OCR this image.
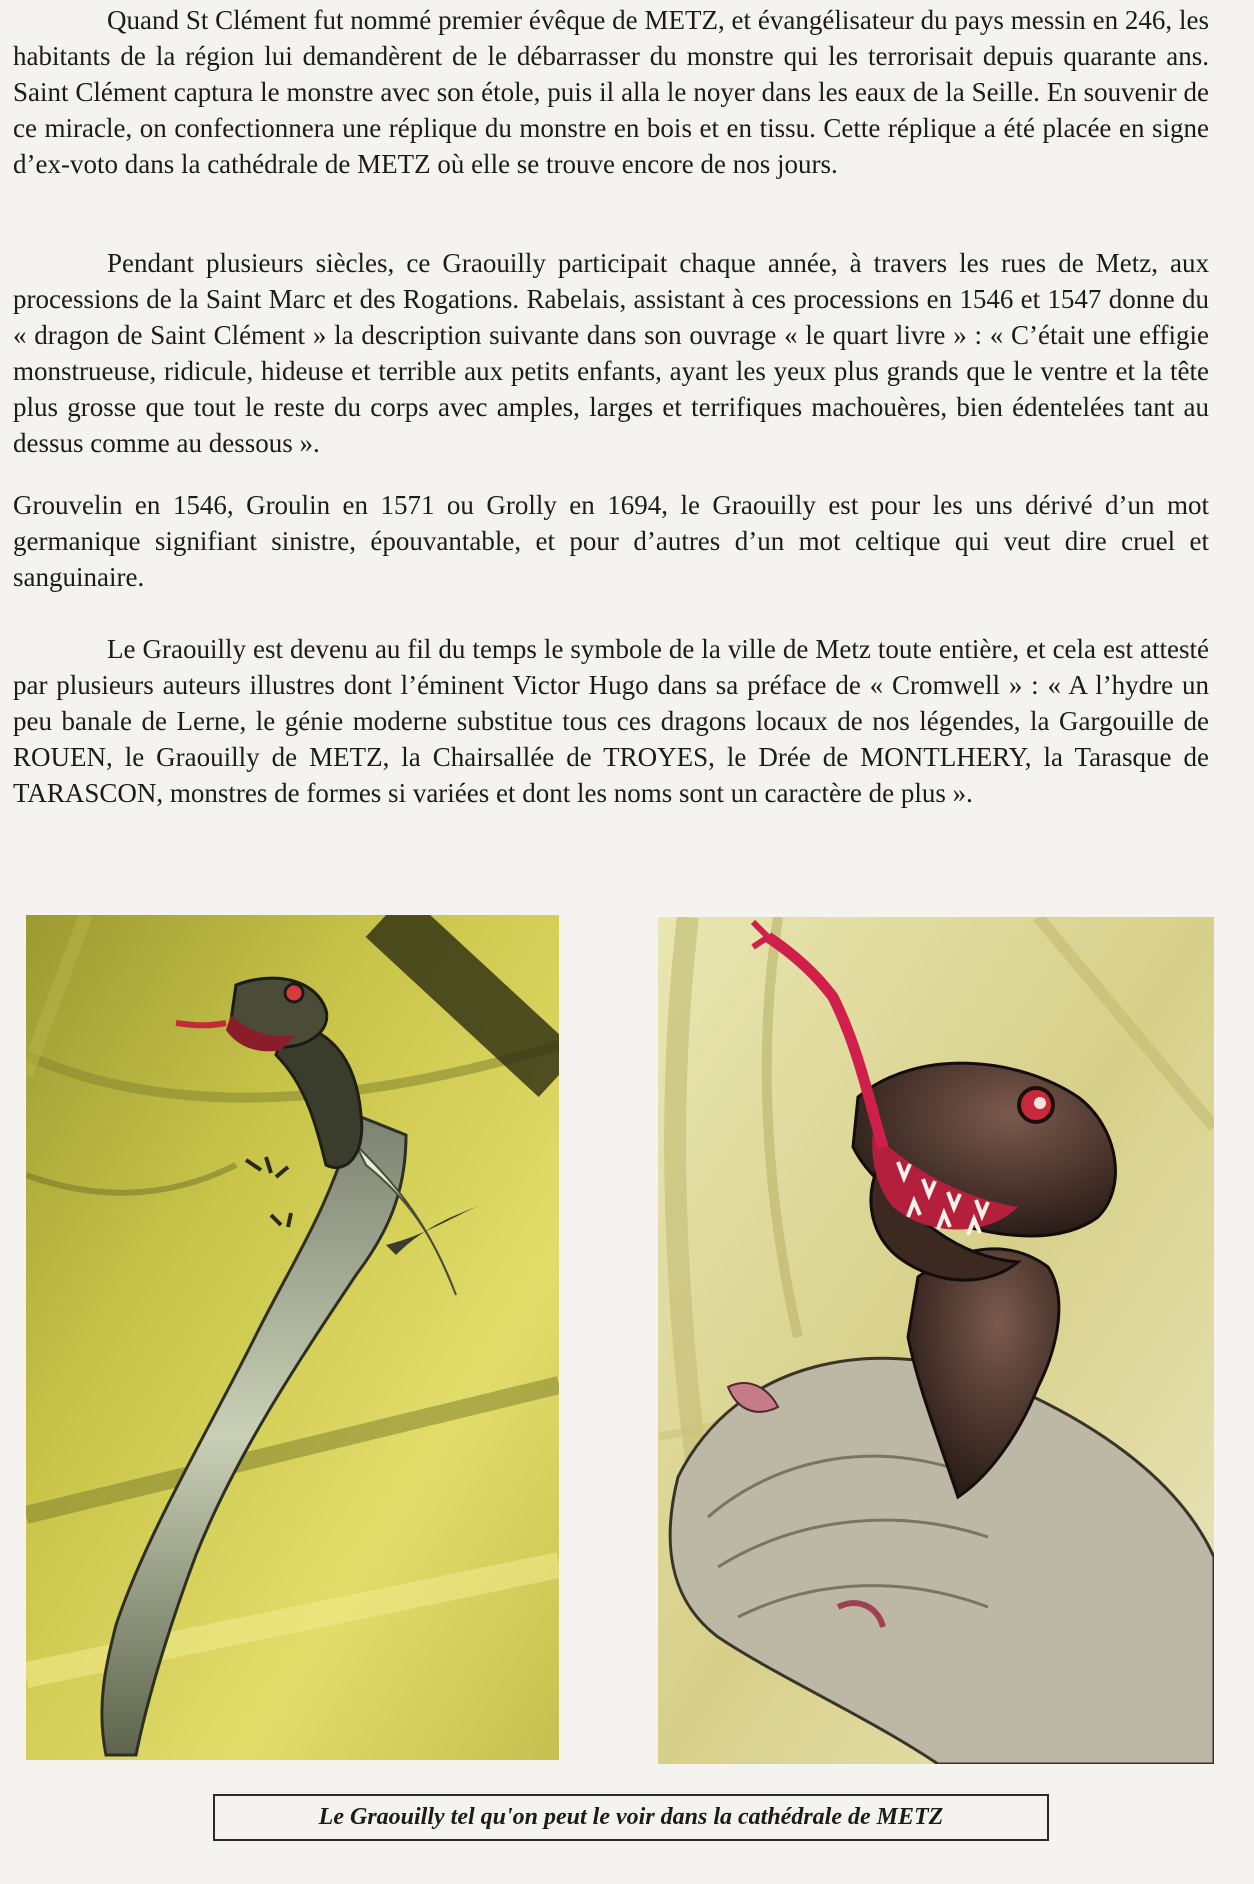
Quand St Clément fut nommé premier évêque de METZ, et évangélisateur du pays messin en 246, les habitants de la région lui demandèrent de le débarrasser du monstre qui les terrorisait depuis quarante ans. Saint Clément captura le monstre avec son étole, puis il alla le noyer dans les eaux de la Seille. En souvenir de ce miracle, on confectionnera une réplique du monstre en bois et en tissu. Cette réplique a été placée en signe d’ex-voto dans la cathédrale de METZ où elle se trouve encore de nos jours.

Pendant plusieurs siècles, ce Graouilly participait chaque année, à travers les rues de Metz, aux processions de la Saint Marc et des Rogations. Rabelais, assistant à ces processions en 1546 et 1547 donne du « dragon de Saint Clément » la description suivante dans son ouvrage « le quart livre » : « C’était une effigie monstrueuse, ridicule, hideuse et terrible aux petits enfants, ayant les yeux plus grands que le ventre et la tête plus grosse que tout le reste du corps avec amples, larges et terrifiques machouères, bien édentelées tant au dessus comme au dessous ».

Grouvelin en 1546, Groulin en 1571 ou Grolly en 1694, le Graouilly est pour les uns dérivé d’un mot germanique signifiant sinistre, épouvantable, et pour d’autres d’un mot celtique qui veut dire cruel et sanguinaire.

Le Graouilly est devenu au fil du temps le symbole de la ville de Metz toute entière, et cela est attesté par plusieurs auteurs illustres dont l’éminent Victor Hugo dans sa préface de « Cromwell » : « A l’hydre un peu banale de Lerne, le génie moderne substitue tous ces dragons locaux de nos légendes, la Gargouille de ROUEN, le Graouilly de METZ, la Chairsallée de TROYES, le Drée de MONTLHERY, la Tarasque de TARASCON, monstres de formes si variées et dont les noms sont un caractère de plus ».

Le Graouilly tel qu'on peut le voir dans la cathédrale de METZ
